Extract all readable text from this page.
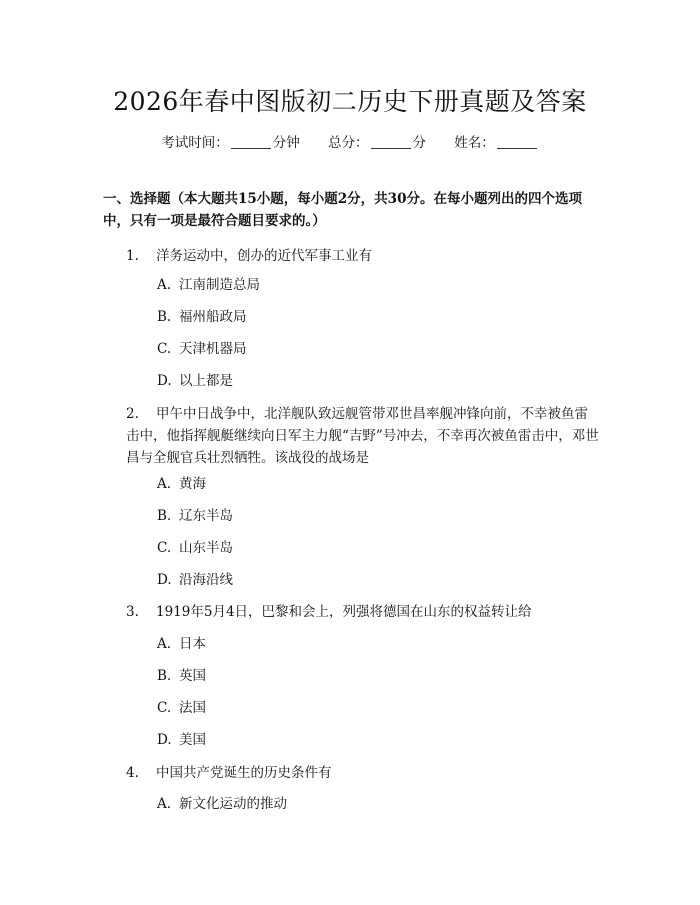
2026年春中图版初二历史下册真题及答案
考试时间：	分钟 总分：	分 姓名：
一、选择题（本大题共15小题，每小题2分，共30分。在每小题列出的四个选项中，只有一项是最符合题目要求的。）
1. 洋务运动中，创办的近代军事工业有
A. 江南制造总局
B. 福州船政局
C. 天津机器局
D. 以上都是
2. 甲午中日战争中，北洋舰队致远舰管带邓世昌率舰冲锋向前，不幸被鱼雷击中，他指挥舰艇继续向日军主力舰“吉野”号冲去，不幸再次被鱼雷击中，邓世昌与全舰官兵壮烈牺牲。该战役的战场是
A. 黄海
B. 辽东半岛
C. 山东半岛
D. 沿海沿线
3. 1919年5月4日，巴黎和会上，列强将德国在山东的权益转让给
A. 日本
B. 英国
C. 法国
D. 美国
4. 中国共产党诞生的历史条件有
A. 新文化运动的推动
